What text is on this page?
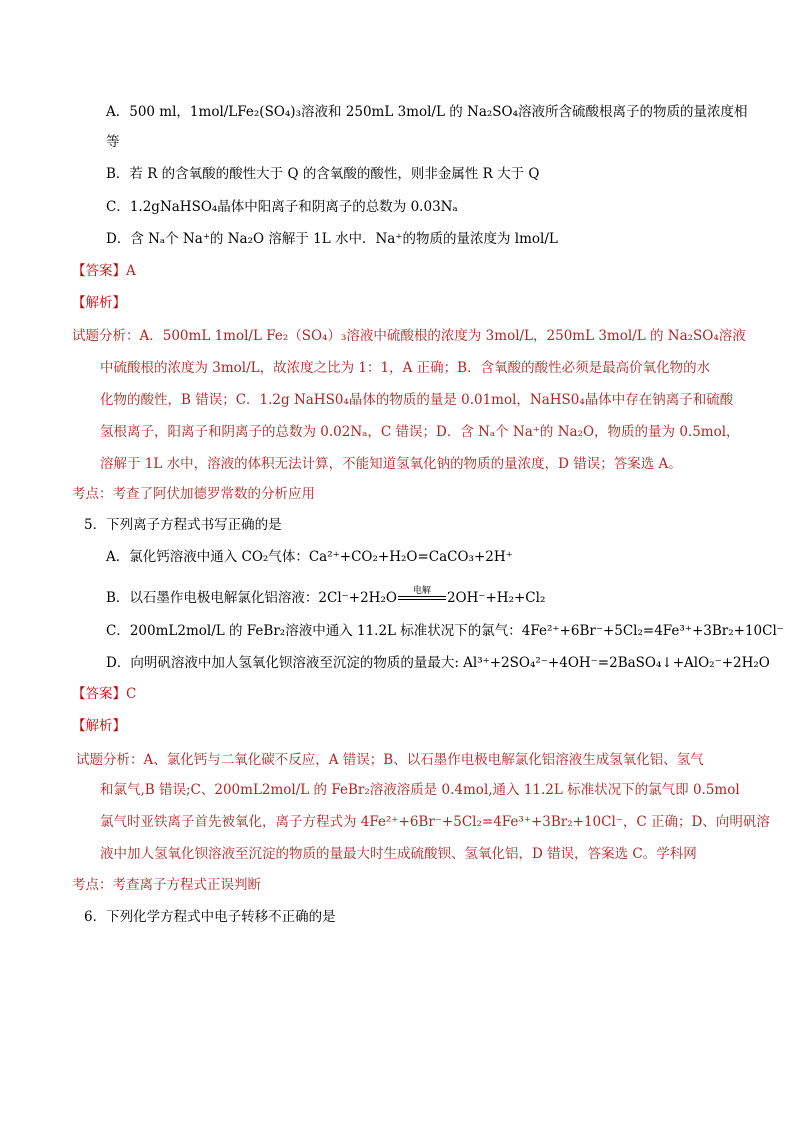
A．500 ml，1mol/LFe₂(SO₄)₃溶液和 250mL 3mol/L 的 Na₂SO₄溶液所含硫酸根离子的物质的量浓度相
等
B．若 R 的含氧酸的酸性大于 Q 的含氧酸的酸性，则非金属性 R 大于 Q
C．1.2gNaHSO₄晶体中阳离子和阴离子的总数为 0.03Nₐ
D．含 Nₐ个 Na⁺的 Na₂O 溶解于 1L 水中．Na⁺的物质的量浓度为 lmol/L
【答案】A
【解析】
试题分析：A．500mL 1mol/L Fe₂（SO₄）₃溶液中硫酸根的浓度为 3mol/L，250mL 3mol/L 的 Na₂SO₄溶液
中硫酸根的浓度为 3mol/L，故浓度之比为 1：1，A 正确；B．含氧酸的酸性必须是最高价氧化物的水
化物的酸性，B 错误；C．1.2g NaHS0₄晶体的物质的量是 0.01mol，NaHS0₄晶体中存在钠离子和硫酸
氢根离子，阳离子和阴离子的总数为 0.02Nₐ，C 错误；D．含 Nₐ个 Na⁺的 Na₂O，物质的量为 0.5mol，
溶解于 1L 水中，溶液的体积无法计算，不能知道氢氧化钠的物质的量浓度，D 错误；答案选 A。
考点：考查了阿伏加德罗常数的分析应用
5．下列离子方程式书写正确的是
A．氯化钙溶液中通入 CO₂气体：Ca²⁺+CO₂+H₂O=CaCO₃+2H⁺
B．以石墨作电极电解氯化铝溶液：2Cl⁻+2H₂O	电解	2OH⁻+H₂+Cl₂
C．200mL2mol/L 的 FeBr₂溶液中通入 11.2L 标准状况下的氯气：4Fe²⁺+6Br⁻+5Cl₂=4Fe³⁺+3Br₂+10Cl⁻
D．向明矾溶液中加人氢氧化钡溶液至沉淀的物质的量最大: Al³⁺+2SO₄²⁻+4OH⁻=2BaSO₄↓+AlO₂⁻+2H₂O
【答案】C
【解析】
试题分析：A、氯化钙与二氧化碳不反应，A 错误；B、以石墨作电极电解氯化铝溶液生成氢氧化铝、氢气
和氯气,B 错误;C、200mL2mol/L 的 FeBr₂溶液溶质是 0.4mol,通入 11.2L 标准状况下的氯气即 0.5mol
氯气时亚铁离子首先被氧化，离子方程式为 4Fe²⁺+6Br⁻+5Cl₂=4Fe³⁺+3Br₂+10Cl⁻，C 正确；D、向明矾溶
液中加人氢氧化钡溶液至沉淀的物质的量最大时生成硫酸钡、氢氧化铝，D 错误，答案选 C。学科网
考点：考查离子方程式正误判断
6．下列化学方程式中电子转移不正确的是
